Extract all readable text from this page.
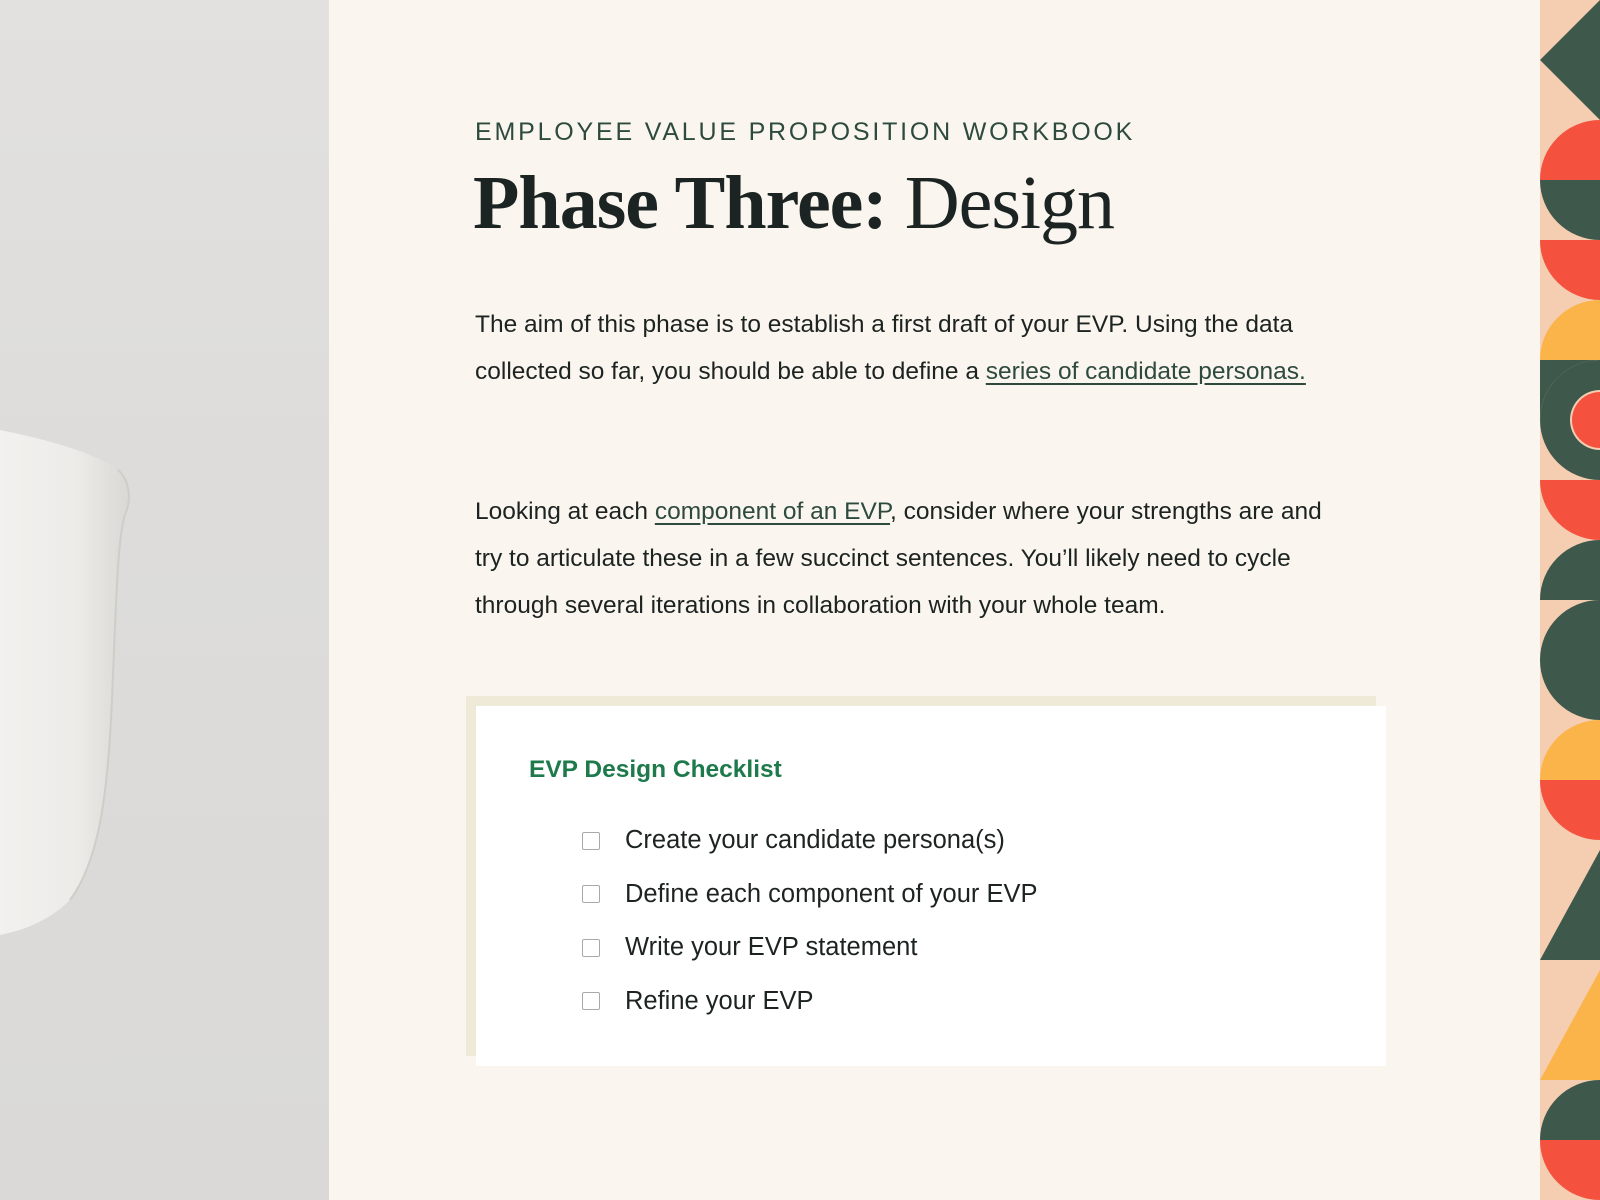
EMPLOYEE VALUE PROPOSITION WORKBOOK
Phase Three: Design

The aim of this phase is to establish a first draft of your EVP. Using the data collected so far, you should be able to define a series of candidate personas.

Looking at each component of an EVP, consider where your strengths are and try to articulate these in a few succinct sentences. You’ll likely need to cycle through several iterations in collaboration with your whole team.

EVP Design Checklist
Create your candidate persona(s)
Define each component of your EVP
Write your EVP statement
Refine your EVP
